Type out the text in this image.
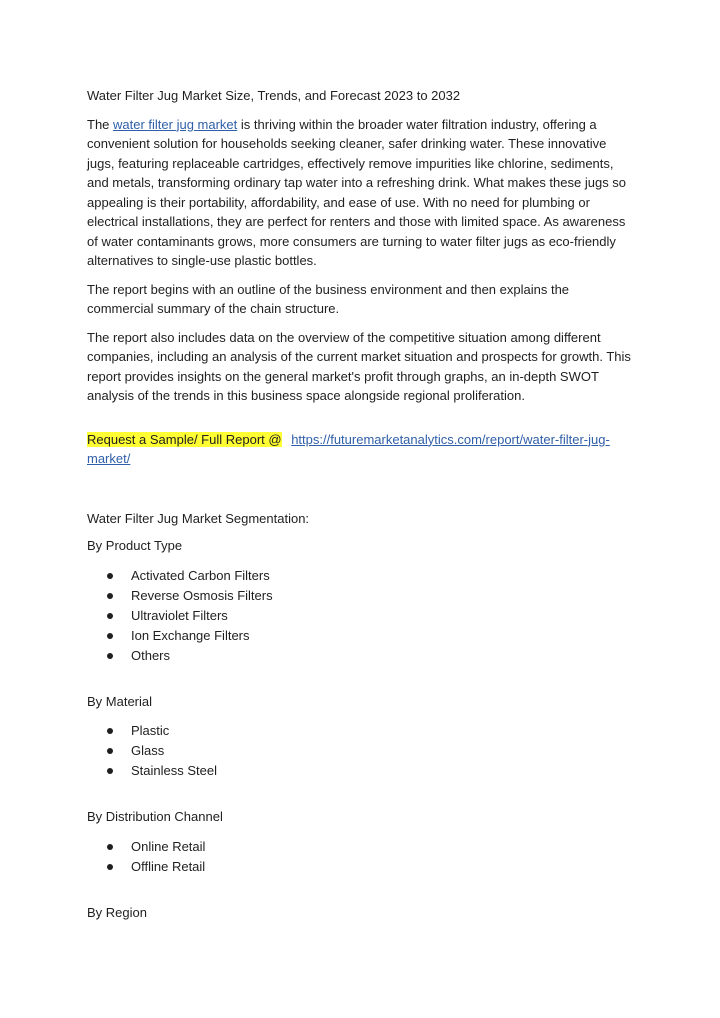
Water Filter Jug Market Size, Trends, and Forecast 2023 to 2032

The water filter jug market is thriving within the broader water filtration industry, offering a convenient solution for households seeking cleaner, safer drinking water. These innovative jugs, featuring replaceable cartridges, effectively remove impurities like chlorine, sediments, and metals, transforming ordinary tap water into a refreshing drink. What makes these jugs so appealing is their portability, affordability, and ease of use. With no need for plumbing or electrical installations, they are perfect for renters and those with limited space. As awareness of water contaminants grows, more consumers are turning to water filter jugs as eco-friendly alternatives to single-use plastic bottles.

The report begins with an outline of the business environment and then explains the commercial summary of the chain structure.

The report also includes data on the overview of the competitive situation among different companies, including an analysis of the current market situation and prospects for growth. This report provides insights on the general market's profit through graphs, an in-depth SWOT analysis of the trends in this business space alongside regional proliferation.

Request a Sample/ Full Report @ https://futuremarketanalytics.com/report/water-filter-jug-market/

Water Filter Jug Market Segmentation:

By Product Type

Activated Carbon Filters
Reverse Osmosis Filters
Ultraviolet Filters
Ion Exchange Filters
Others

By Material

Plastic
Glass
Stainless Steel

By Distribution Channel

Online Retail
Offline Retail

By Region
